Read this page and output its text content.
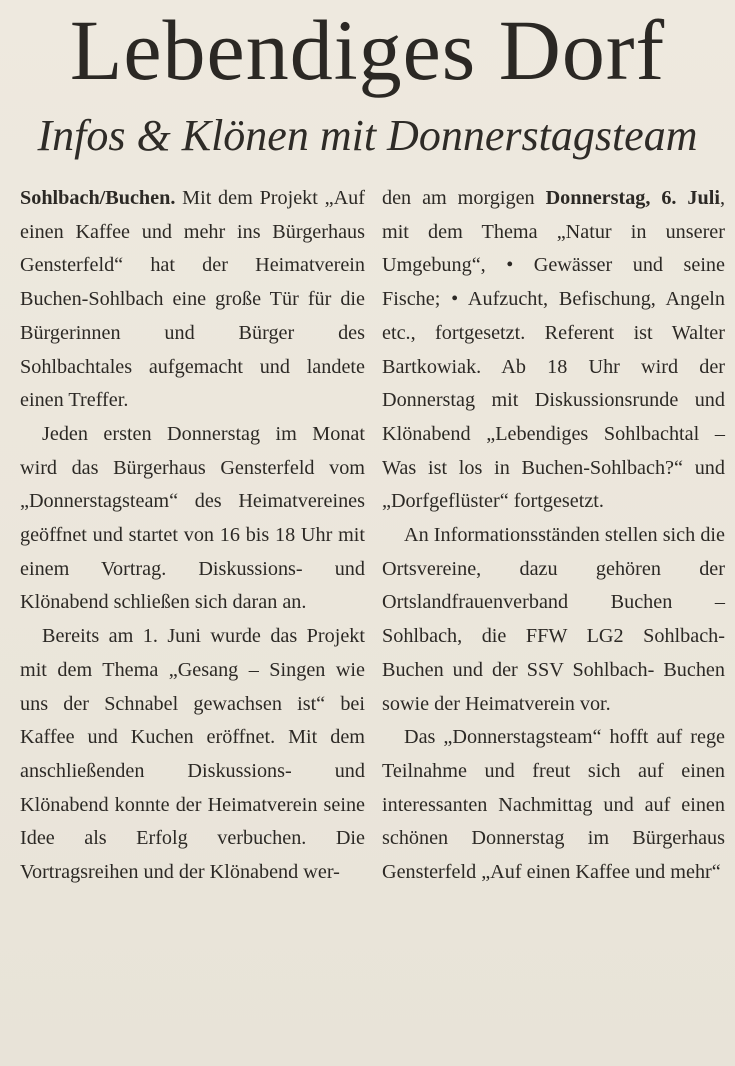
Lebendiges Dorf
Infos & Klönen mit Donnerstagsteam

Sohlbach/Buchen. Mit dem Projekt „Auf einen Kaffee und mehr ins Bürgerhaus Gensterfeld“ hat der Heimatverein Buchen-Sohlbach eine große Tür für die Bürgerinnen und Bürger des Sohlbachtales aufgemacht und landete einen Treffer.

Jeden ersten Donnerstag im Monat wird das Bürgerhaus Gensterfeld vom „Donnerstagsteam“ des Heimatvereines geöffnet und startet von 16 bis 18 Uhr mit einem Vortrag. Diskussions- und Klönabend schließen sich daran an.

Bereits am 1. Juni wurde das Projekt mit dem Thema „Gesang – Singen wie uns der Schnabel gewachsen ist“ bei Kaffee und Kuchen eröffnet. Mit dem anschließenden Diskussions- und Klönabend konnte der Heimatverein seine Idee als Erfolg verbuchen. Die Vortragsreihen und der Klönabend wer-

den am morgigen Donnerstag, 6. Juli, mit dem Thema „Natur in unserer Umgebung“, • Gewässer und seine Fische; • Aufzucht, Befischung, Angeln etc., fortgesetzt. Referent ist Walter Bartkowiak. Ab 18 Uhr wird der Donnerstag mit Diskussionsrunde und Klönabend „Lebendiges Sohlbachtal – Was ist los in Buchen-Sohlbach?“ und „Dorfgeflüster“ fortgesetzt.

An Informationsständen stellen sich die Ortsvereine, dazu gehören der Ortslandfrauenverband Buchen – Sohlbach, die FFW LG2 Sohlbach-Buchen und der SSV Sohlbach- Buchen sowie der Heimatverein vor.

Das „Donnerstagsteam“ hofft auf rege Teilnahme und freut sich auf einen interessanten Nachmittag und auf einen schönen Donnerstag im Bürgerhaus Gensterfeld „Auf einen Kaffee und mehr“
